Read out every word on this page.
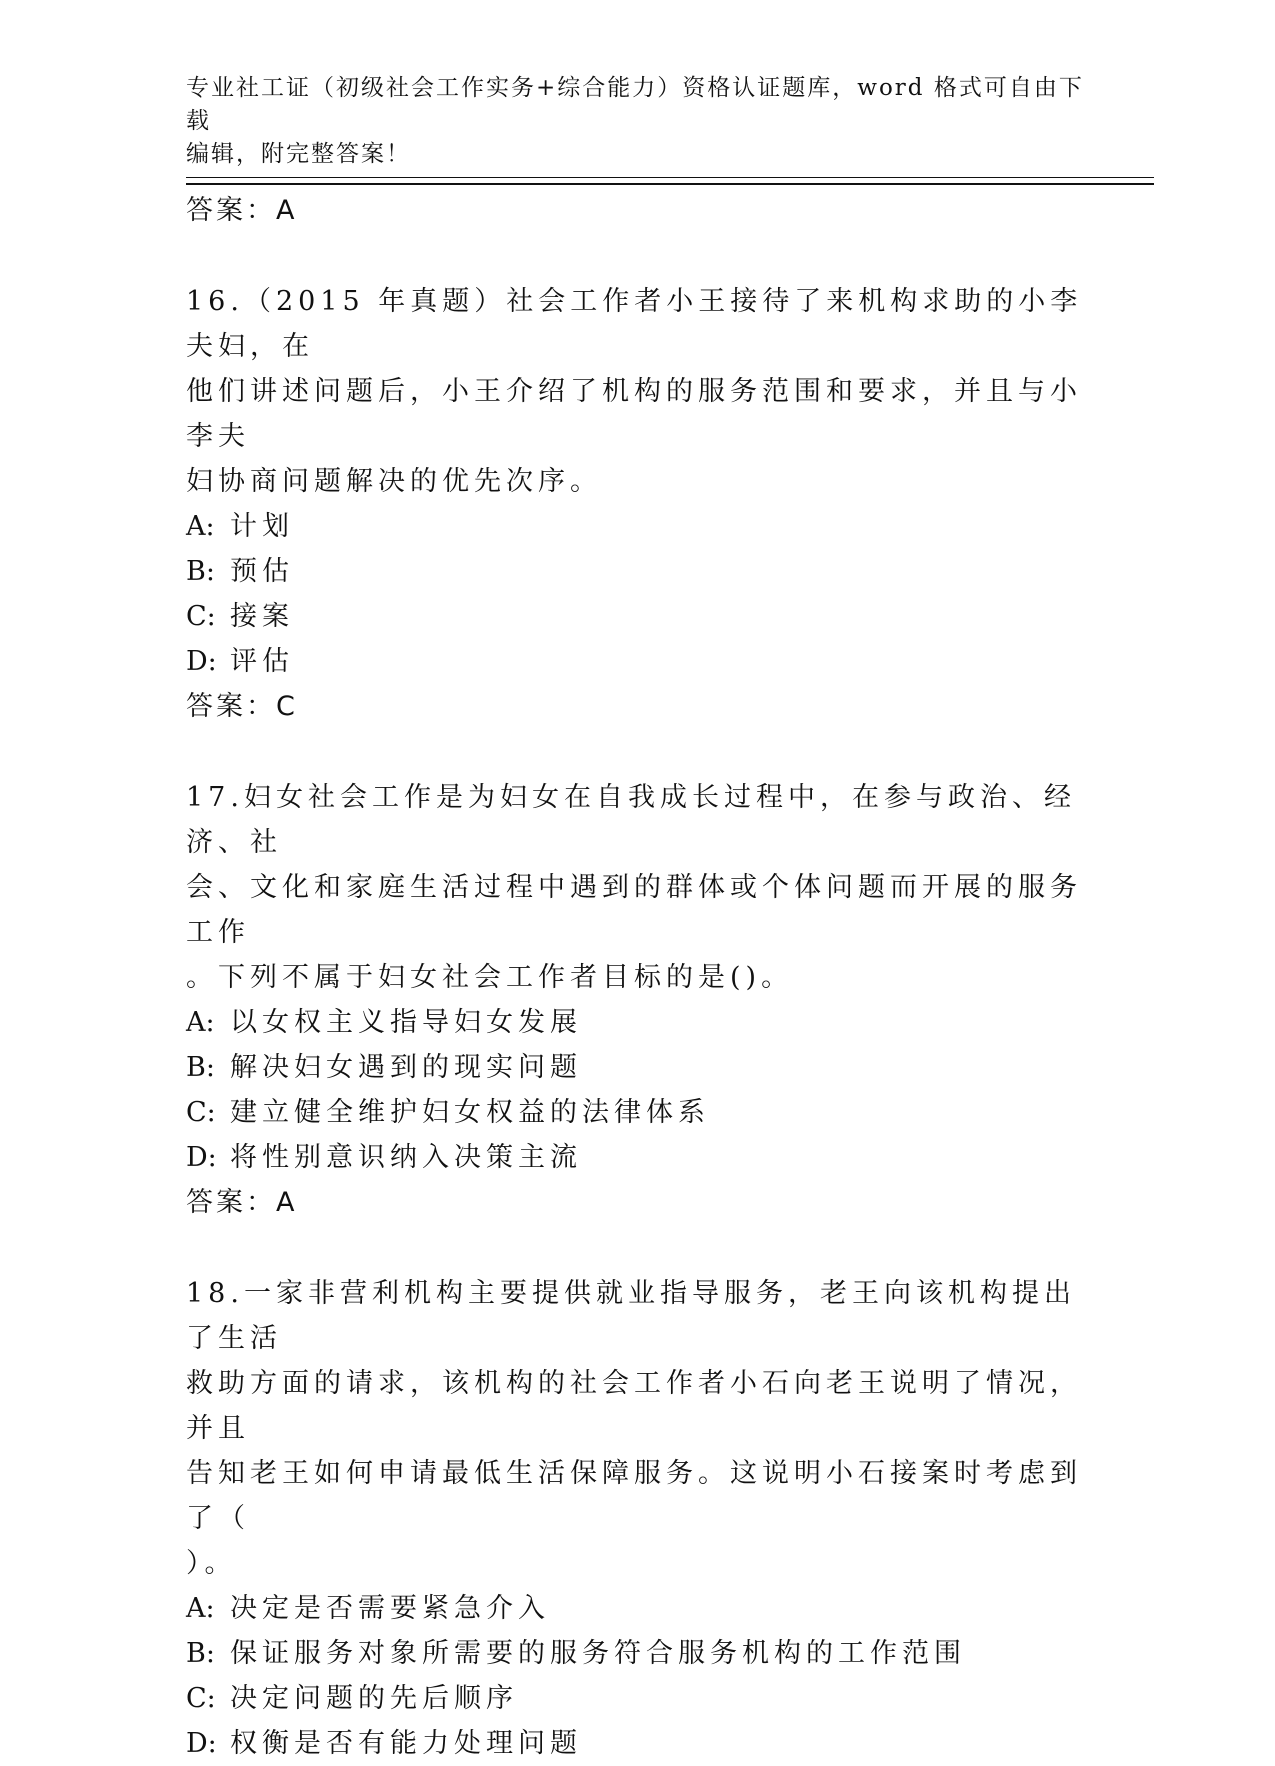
专业社工证（初级社会工作实务+综合能力）资格认证题库，word 格式可自由下载
编辑，附完整答案！

答案：A

16.（2015 年真题）社会工作者小王接待了来机构求助的小李夫妇，在

他们讲述问题后，小王介绍了机构的服务范围和要求，并且与小李夫

妇协商问题解决的优先次序。

A: 计划

B: 预估

C: 接案

D: 评估

答案：C

17.妇女社会工作是为妇女在自我成长过程中，在参与政治、经济、社

会、文化和家庭生活过程中遇到的群体或个体问题而开展的服务工作

。下列不属于妇女社会工作者目标的是()。

A: 以女权主义指导妇女发展

B: 解决妇女遇到的现实问题

C: 建立健全维护妇女权益的法律体系

D: 将性别意识纳入决策主流

答案：A

18.一家非营利机构主要提供就业指导服务，老王向该机构提出了生活

救助方面的请求，该机构的社会工作者小石向老王说明了情况，并且

告知老王如何申请最低生活保障服务。这说明小石接案时考虑到了（

）。

A: 决定是否需要紧急介入

B: 保证服务对象所需要的服务符合服务机构的工作范围

C: 决定问题的先后顺序

D: 权衡是否有能力处理问题
